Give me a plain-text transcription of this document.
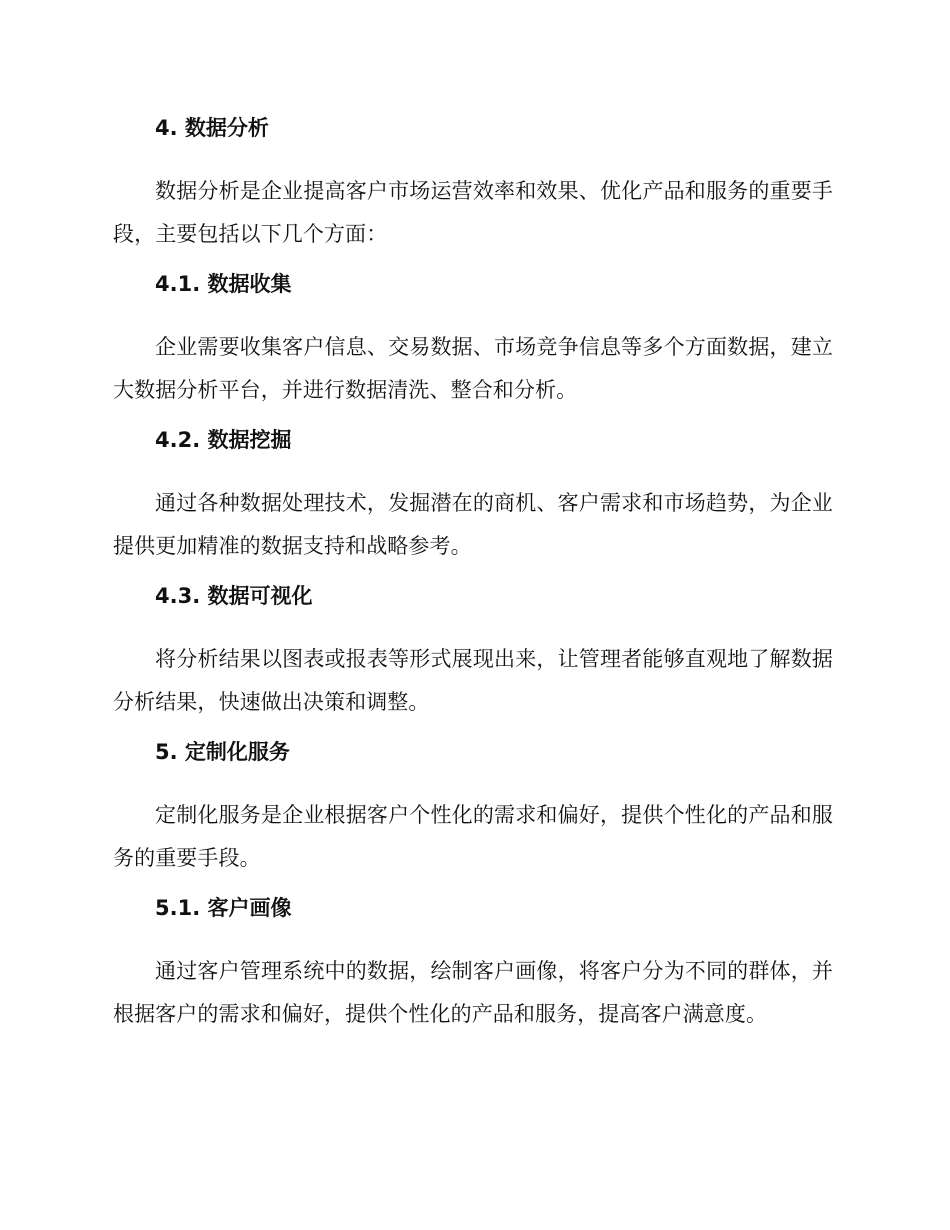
4. 数据分析

数据分析是企业提高客户市场运营效率和效果、优化产品和服务的重要手段，主要包括以下几个方面：

4.1. 数据收集

企业需要收集客户信息、交易数据、市场竞争信息等多个方面数据，建立大数据分析平台，并进行数据清洗、整合和分析。

4.2. 数据挖掘

通过各种数据处理技术，发掘潜在的商机、客户需求和市场趋势，为企业提供更加精准的数据支持和战略参考。

4.3. 数据可视化

将分析结果以图表或报表等形式展现出来，让管理者能够直观地了解数据分析结果，快速做出决策和调整。

5. 定制化服务

定制化服务是企业根据客户个性化的需求和偏好，提供个性化的产品和服务的重要手段。

5.1. 客户画像

通过客户管理系统中的数据，绘制客户画像，将客户分为不同的群体，并根据客户的需求和偏好，提供个性化的产品和服务，提高客户满意度。
